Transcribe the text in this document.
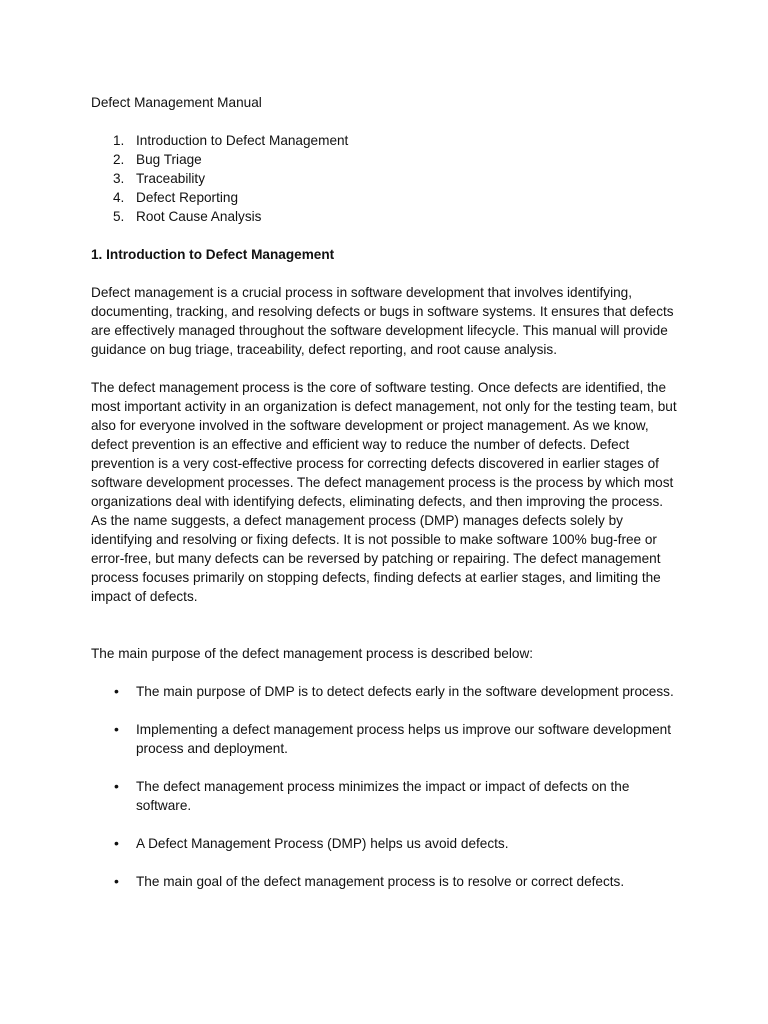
Defect Management Manual

1. Introduction to Defect Management
2. Bug Triage
3. Traceability
4. Defect Reporting
5. Root Cause Analysis

1. Introduction to Defect Management

Defect management is a crucial process in software development that involves identifying, documenting, tracking, and resolving defects or bugs in software systems. It ensures that defects are effectively managed throughout the software development lifecycle. This manual will provide guidance on bug triage, traceability, defect reporting, and root cause analysis.

The defect management process is the core of software testing. Once defects are identified, the most important activity in an organization is defect management, not only for the testing team, but also for everyone involved in the software development or project management. As we know, defect prevention is an effective and efficient way to reduce the number of defects. Defect prevention is a very cost-effective process for correcting defects discovered in earlier stages of software development processes. The defect management process is the process by which most organizations deal with identifying defects, eliminating defects, and then improving the process. As the name suggests, a defect management process (DMP) manages defects solely by identifying and resolving or fixing defects. It is not possible to make software 100% bug-free or error-free, but many defects can be reversed by patching or repairing. The defect management process focuses primarily on stopping defects, finding defects at earlier stages, and limiting the impact of defects.

The main purpose of the defect management process is described below:

• The main purpose of DMP is to detect defects early in the software development process.
• Implementing a defect management process helps us improve our software development process and deployment.
• The defect management process minimizes the impact or impact of defects on the software.
• A Defect Management Process (DMP) helps us avoid defects.
• The main goal of the defect management process is to resolve or correct defects.
